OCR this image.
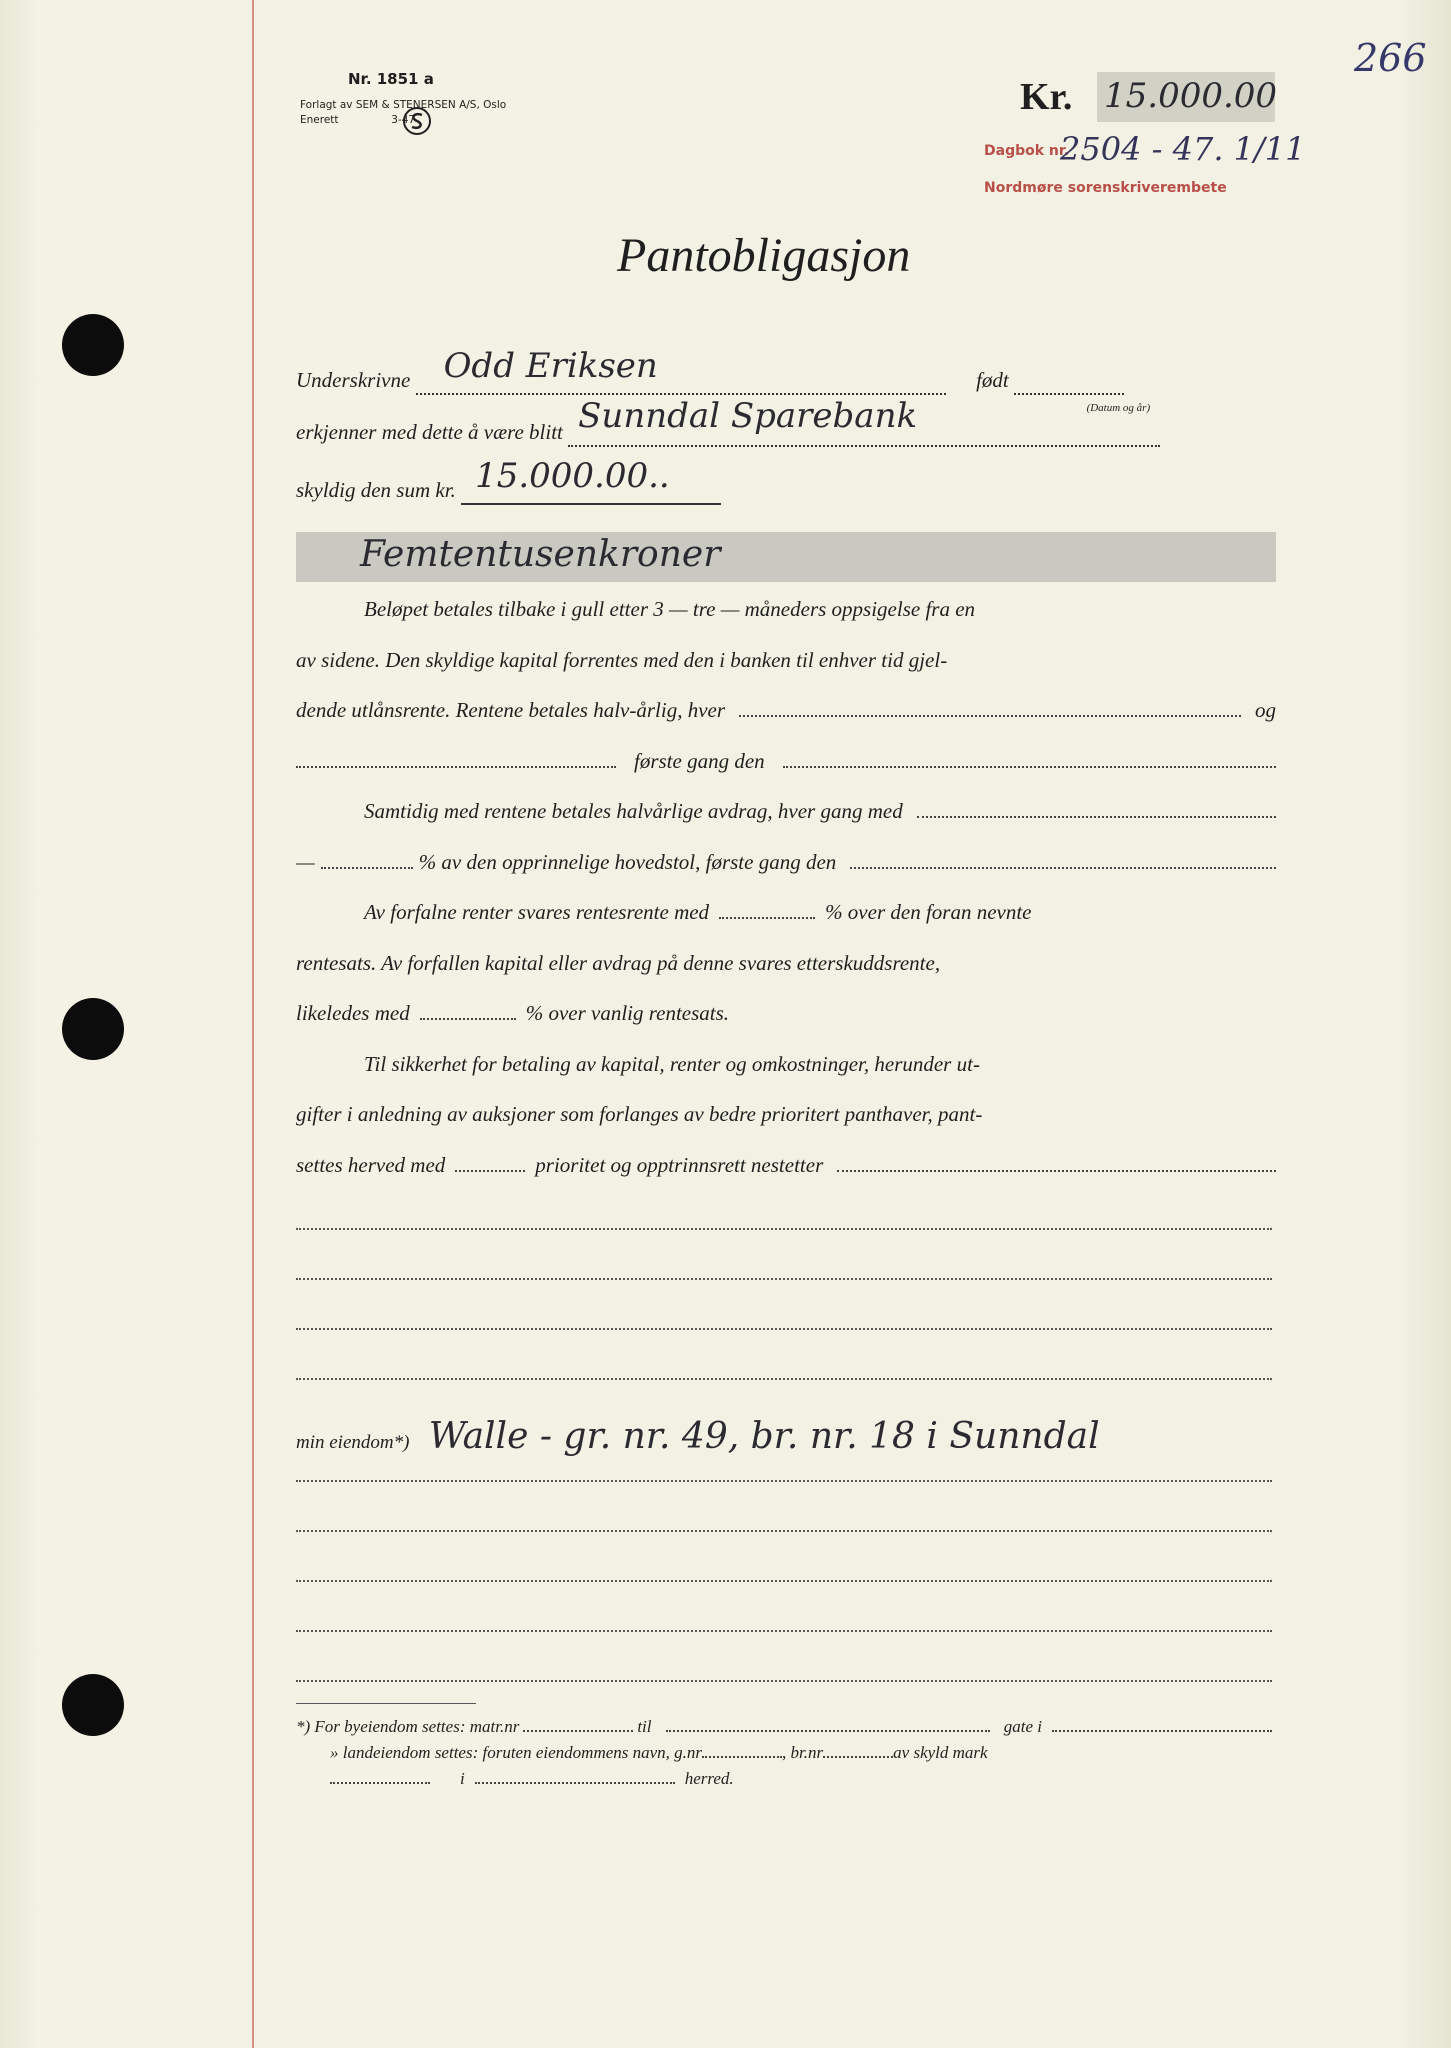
Nr. 1851 a
Forlagt av SEM & STENERSEN A/S, Oslo
Enerett	3-47
Kr. 15.000.00
266
Dagbok nr.
2504 - 47. 1/11
Nordmøre sorenskriverembete
Pantobligasjon
Underskrivne Odd Eriksen	født
erkjenner med dette å være blitt Sunndal Sparebank	(Datum og år)

skyldig den sum kr. 15.000.00..

Femtentusenkroner
Beløpet betales tilbake i gull etter 3 — tre — måneders oppsigelse fra en
av sidene. Den skyldige kapital forrentes med den i banken til enhver tid gjel-
dende utlånsrente. Rentene betales halv-årlig, hver	og
første gang den
Samtidig med rentene betales halvårlige avdrag, hver gang med
—	% av den opprinnelige hovedstol, første gang den
Av forfalne renter svares rentesrente med	% over den foran nevnte
rentesats. Av forfallen kapital eller avdrag på denne svares etterskuddsrente,
likeledes med	% over vanlig rentesats.
Til sikkerhet for betaling av kapital, renter og omkostninger, herunder ut-
gifter i anledning av auksjoner som forlanges av bedre prioritert panthaver, pant-
settes herved med	prioritet og opptrinnsrett nestetter
min eiendom*) Walle - gr. nr. 49, br. nr. 18 i Sunndal
*) For byeiendom settes: matr.nr	til	gate i
» landeiendom settes: foruten eiendommens navn, g.nr	, br.nr	av skyld mark
i	herred.
